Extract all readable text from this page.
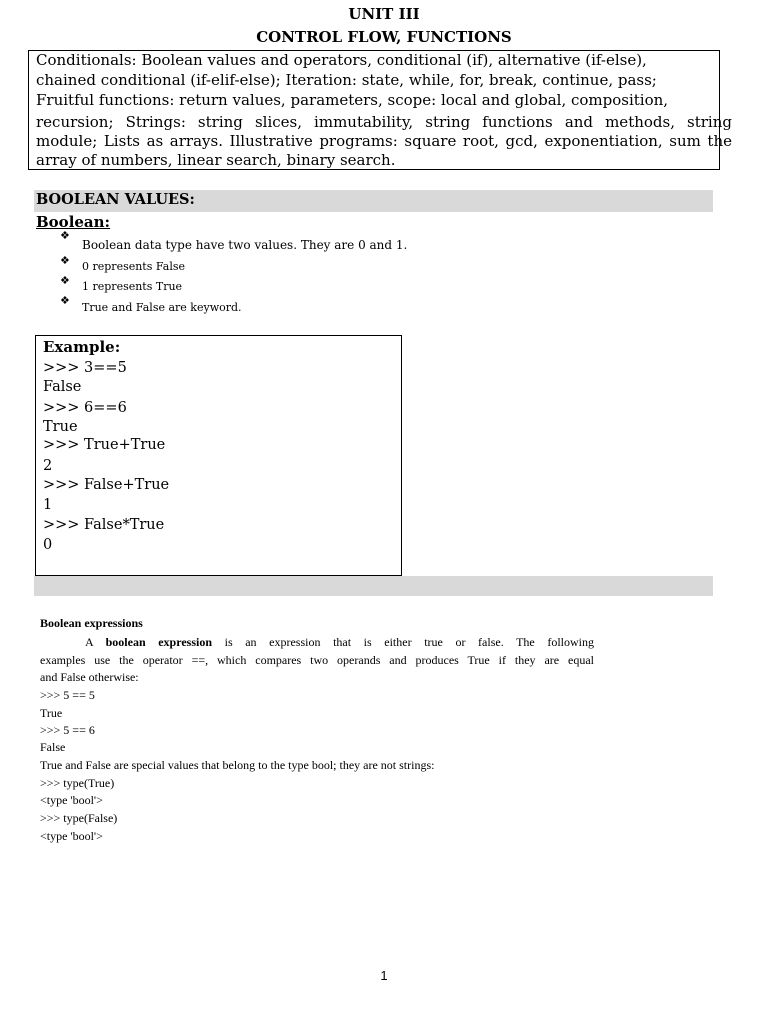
UNIT III
CONTROL FLOW, FUNCTIONS
Conditionals: Boolean values and operators, conditional (if), alternative (if-else),
chained conditional (if-elif-else); Iteration: state, while, for, break, continue, pass;
Fruitful functions: return values, parameters, scope: local and global, composition,
recursion; Strings: string slices, immutability, string functions and methods, string
module; Lists as arrays. Illustrative programs: square root, gcd, exponentiation, sum the
array of numbers, linear search, binary search.
BOOLEAN VALUES:
Boolean:
❖
Boolean data type have two values. They are 0 and 1.
❖ 0 represents False
❖ 1 represents True
❖ True and False are keyword.
Example:
>>> 3==5
False
>>> 6==6
True
>>> True+True
2
>>> False+True
1
>>> False*True
0
Boolean expressions
A boolean expression is an expression that is either true or false. The following
examples use the operator ==, which compares two operands and produces True if they are equal
and False otherwise:
>>> 5 == 5
True
>>> 5 == 6
False
True and False are special values that belong to the type bool; they are not strings:
>>> type(True)
<type 'bool'>
>>> type(False)
<type 'bool'>
1
